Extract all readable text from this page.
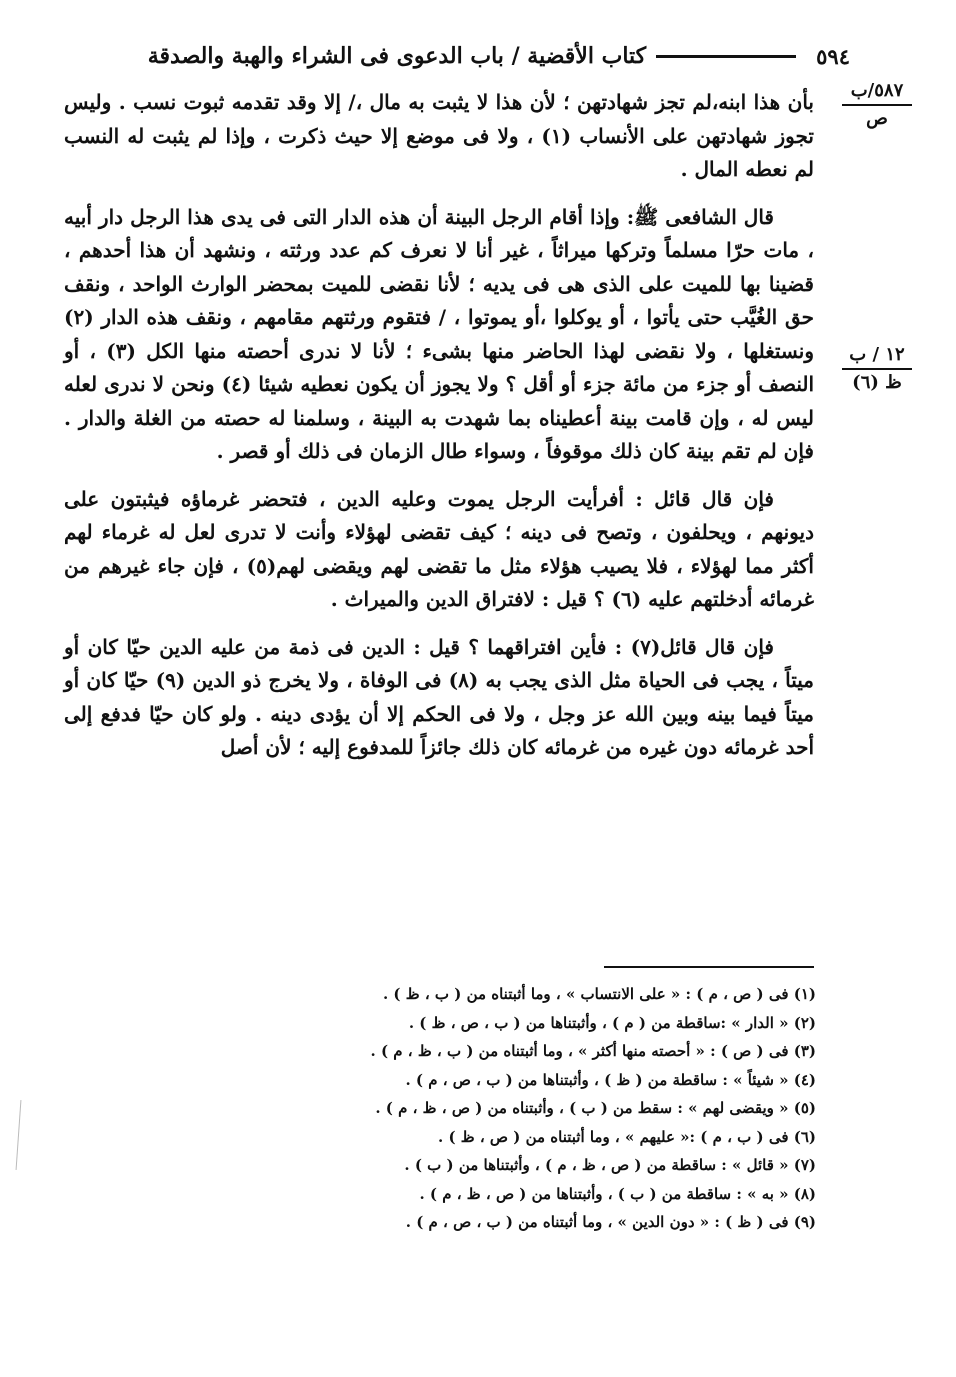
٥٩٤
كتاب الأقضية / باب الدعوى فى الشراء والهبة والصدقة
٥٨٧/ب
ص
١٢ / ب
ظ (٦)

بأن هذا ابنه،لم تجز شهادتهن ؛ لأن هذا لا يثبت به مال ،/ إلا وقد تقدمه ثبوت نسب . وليس تجوز شهادتهن على الأنساب (١) ، ولا فى موضع إلا حيث ذكرت ، وإذا لم يثبت له النسب لم نعطه المال .

قال الشافعى ﷺ: وإذا أقام الرجل البينة أن هذه الدار التى فى يدى هذا الرجل دار أبيه ، مات حرّا مسلماً وتركها ميراثاً ، غير أنا لا نعرف كم عدد ورثته ، ونشهد أن هذا أحدهم ، قضينا بها للميت على الذى هى فى يديه ؛ لأنا نقضى للميت بمحضر الوارث الواحد ، ونقف حق الغُيَّب حتى يأتوا ، أو يوكلوا ،أو يموتوا ، / فتقوم ورثتهم مقامهم ، ونقف هذه الدار (٢) ونستغلها ، ولا نقضى لهذا الحاضر منها بشىء ؛ لأنا لا ندرى أحصته منها الكل (٣) ، أو النصف أو جزء من مائة جزء أو أقل ؟ ولا يجوز أن يكون نعطيه شيئا (٤) ونحن لا ندرى لعله ليس له ، وإن قامت بينة أعطيناه بما شهدت به البينة ، وسلمنا له حصته من الغلة والدار . فإن لم تقم بينة كان ذلك موقوفاً ، وسواء طال الزمان فى ذلك أو قصر .

فإن قال قائل : أفرأيت الرجل يموت وعليه الدين ، فتحضر غرماؤه فيثبتون على ديونهم ، ويحلفون ، وتصح فى دينه ؛ كيف تقضى لهؤلاء وأنت لا تدرى لعل له غرماء لهم أكثر مما لهؤلاء ، فلا يصيب هؤلاء مثل ما تقضى لهم ويقضى لهم(٥) ، فإن جاء غيرهم من غرمائه أدخلتهم عليه (٦) ؟ قيل : لافتراق الدين والميراث .

فإن قال قائل(٧) : فأين افتراقهما ؟ قيل : الدين فى ذمة من عليه الدين حيّا كان أو ميتاً ، يجب فى الحياة مثل الذى يجب به (٨) فى الوفاة ، ولا يخرج ذو الدين (٩) حيّا كان أو ميتاً فيما بينه وبين الله عز وجل ، ولا فى الحكم إلا أن يؤدى دينه . ولو كان حيّا فدفع إلى أحد غرمائه دون غيره من غرمائه كان ذلك جائزاً للمدفوع إليه ؛ لأن أصل

(١) فى ( ص ، م ) : « على الانتساب » ، وما أثبتناه من ( ب ، ظ ) .
(٢) « الدار » :ساقطة من ( م ) ، وأثبتناها من ( ب ، ص ، ظ ) .
(٣) فى ( ص ) : « أحصته منها أكثر » ، وما أثبتناه من ( ب ، ظ ، م ) .
(٤) « شيئاً » : ساقطة من ( ظ ) ، وأثبتناها من ( ب ، ص ، م ) .
(٥) « ويقضى لهم » : سقط من ( ب ) ، وأثبتناه من ( ص ، ظ ، م ) .
(٦) فى ( ب ، م ) :« عليهم » ، وما أثبتناه من ( ص ، ظ ) .
(٧) « قائل » : ساقطة من ( ص ، ظ ، م ) ، وأثبتناها من ( ب ) .
(٨) « به » : ساقطة من ( ب ) ، وأثبتناها من ( ص ، ظ ، م ) .
(٩) فى ( ظ ) : « دون الدين » ، وما أثبتناه من ( ب ، ص ، م ) .
